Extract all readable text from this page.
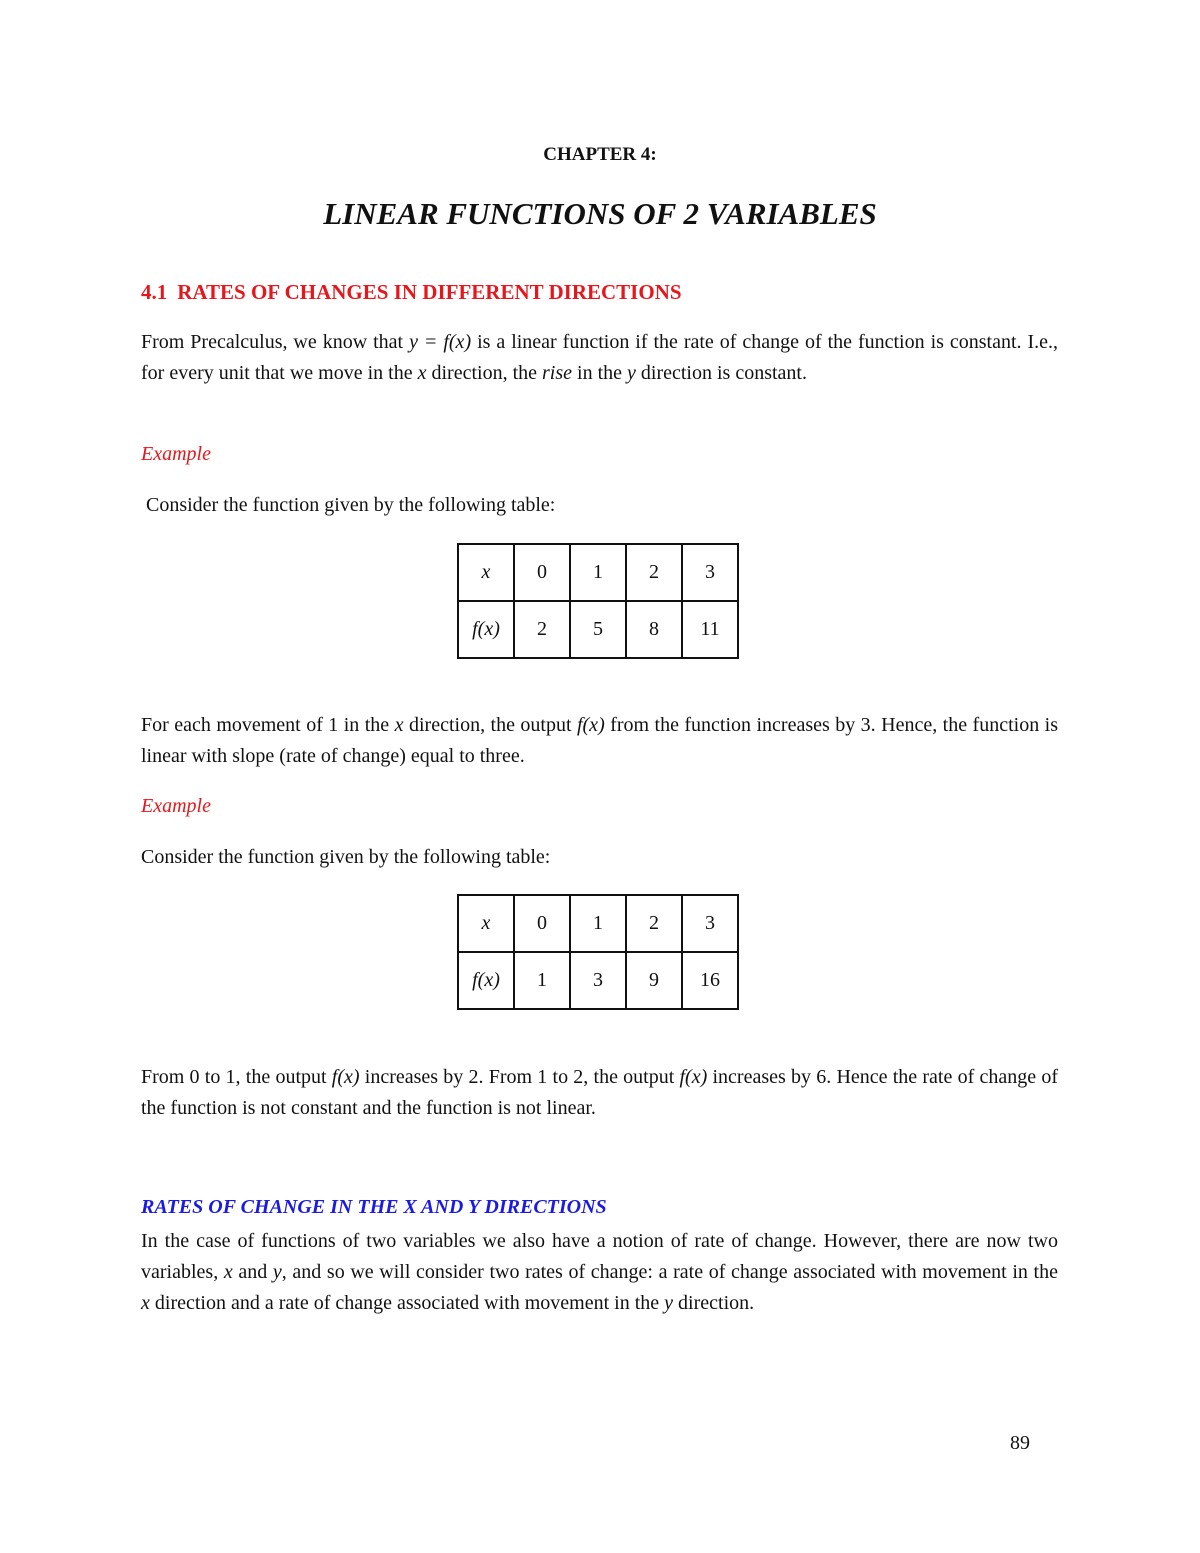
CHAPTER 4:
LINEAR FUNCTIONS OF 2 VARIABLES
4.1 RATES OF CHANGES IN DIFFERENT DIRECTIONS

From Precalculus, we know that y = f(x) is a linear function if the rate of change of the function is constant. I.e., for every unit that we move in the x direction, the rise in the y direction is constant.

Example
Consider the function given by the following table:
x	0	1	2	3
f(x)	2	5	8	11

For each movement of 1 in the x direction, the output f(x) from the function increases by 3. Hence, the function is linear with slope (rate of change) equal to three.

Example
Consider the function given by the following table:
x	0	1	2	3
f(x)	1	3	9	16

From 0 to 1, the output f(x) increases by 2. From 1 to 2, the output f(x) increases by 6. Hence the rate of change of the function is not constant and the function is not linear.

RATES OF CHANGE IN THE X AND Y DIRECTIONS

In the case of functions of two variables we also have a notion of rate of change. However, there are now two variables, x and y, and so we will consider two rates of change: a rate of change associated with movement in the x direction and a rate of change associated with movement in the y direction.

89
